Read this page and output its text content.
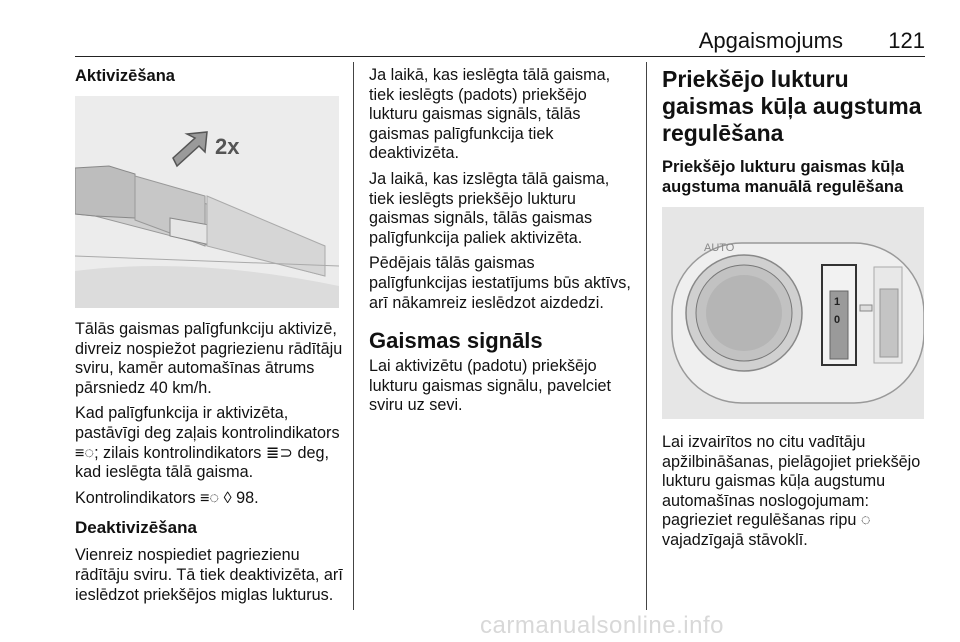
Apgaismojums 121
Aktivizēšana
2x

Tālās gaismas palīgfunkciju aktivizē, divreiz nospiežot pagriezienu rādītāju sviru, kamēr automašīnas ātrums pārsniedz 40 km/h.

Kad palīgfunkcija ir aktivizēta, pastāvīgi deg zaļais kontrolindikators ≡◌; zilais kontrolindikators ≣⊃ deg, kad ieslēgta tālā gaisma.

Kontrolindikators ≡◌ ◊ 98.

Deaktivizēšana

Vienreiz nospiediet pagriezienu rādītāju sviru. Tā tiek deaktivizēta, arī ieslēdzot priekšējos miglas lukturus.

Ja laikā, kas ieslēgta tālā gaisma, tiek ieslēgts (padots) priekšējo lukturu gaismas signāls, tālās gaismas palīgfunkcija tiek deaktivizēta.

Ja laikā, kas izslēgta tālā gaisma, tiek ieslēgts priekšējo lukturu gaismas signāls, tālās gaismas palīgfunkcija paliek aktivizēta.

Pēdējais tālās gaismas palīgfunkcijas iestatījums būs aktīvs, arī nākamreiz ieslēdzot aizdedzi.

Gaismas signāls

Lai aktivizētu (padotu) priekšējo lukturu gaismas signālu, pavelciet sviru uz sevi.

Priekšējo lukturu gaismas kūļa augstuma regulēšana
Priekšējo lukturu gaismas kūļa augstuma manuālā regulēšana
AUTO
1
0

Lai izvairītos no citu vadītāju apžilbināšanas, pielāgojiet priekšējo lukturu gaismas kūļa augstumu automašīnas noslogojumam: pagrieziet regulēšanas ripu ◌ vajadzīgajā stāvoklī.

carmanualsonline.info
